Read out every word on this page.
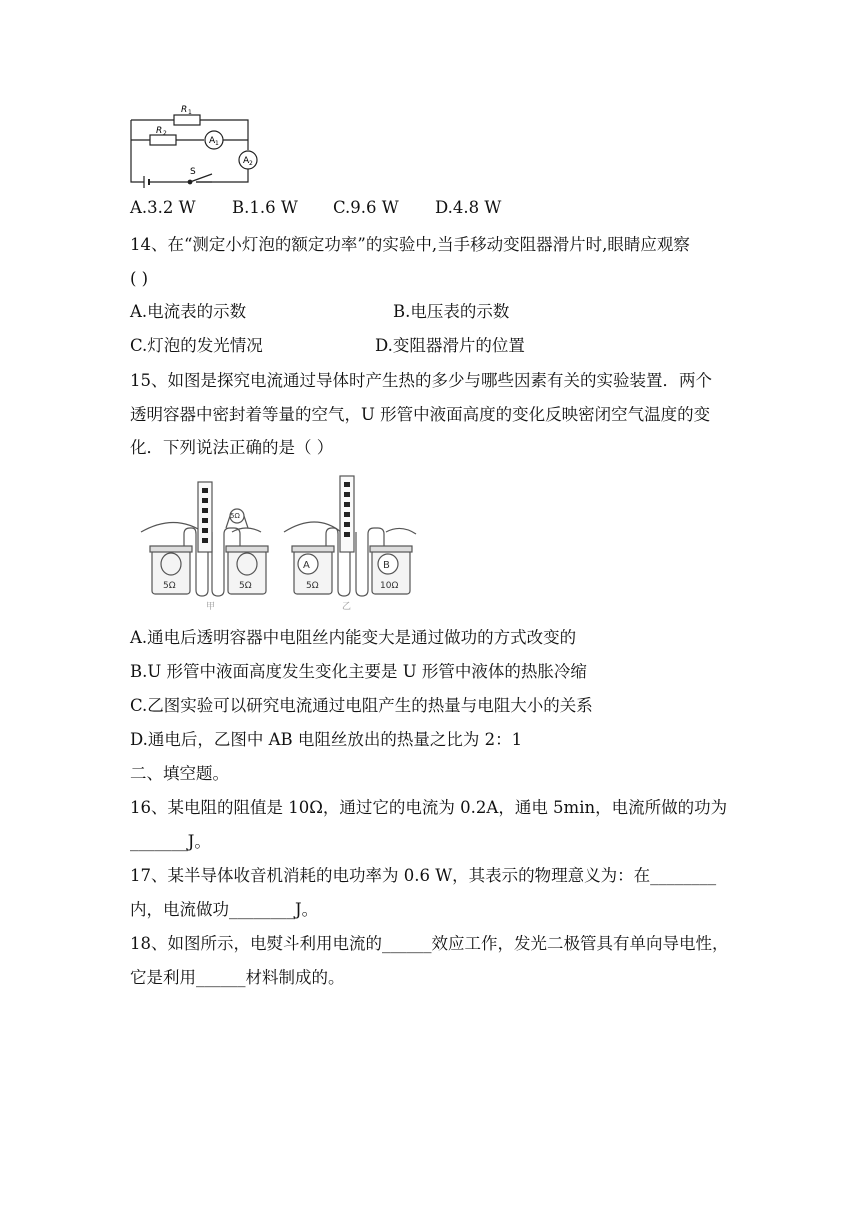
R 1
R 2
A 1
A 2
S
A.3.2 W B.1.6 W C.9.6 W D.4.8 W
14、在“测定小灯泡的额定功率”的实验中,当手移动变阻器滑片时,眼睛应观察
( )
A.电流表的示数	B.电压表的示数
C.灯泡的发光情况	D.变阻器滑片的位置
15、如图是探究电流通过导体时产生热的多少与哪些因素有关的实验装置．两个
透明容器中密封着等量的空气，U 形管中液面高度的变化反映密闭空气温度的变
化．下列说法正确的是（ ）
5Ω	5Ω
5Ω
甲
A	B
5Ω	10Ω
乙
A.通电后透明容器中电阻丝内能变大是通过做功的方式改变的
B.U 形管中液面高度发生变化主要是 U 形管中液体的热胀冷缩
C.乙图实验可以研究电流通过电阻产生的热量与电阻大小的关系
D.通电后，乙图中 AB 电阻丝放出的热量之比为 2：1
二、填空题。
16、某电阻的阻值是 10Ω，通过它的电流为 0.2A，通电 5min，电流所做的功为
_______J。
17、某半导体收音机消耗的电功率为 0.6 W，其表示的物理意义为：在________
内，电流做功________J。
18、如图所示，电熨斗利用电流的______效应工作，发光二极管具有单向导电性，
它是利用______材料制成的。
